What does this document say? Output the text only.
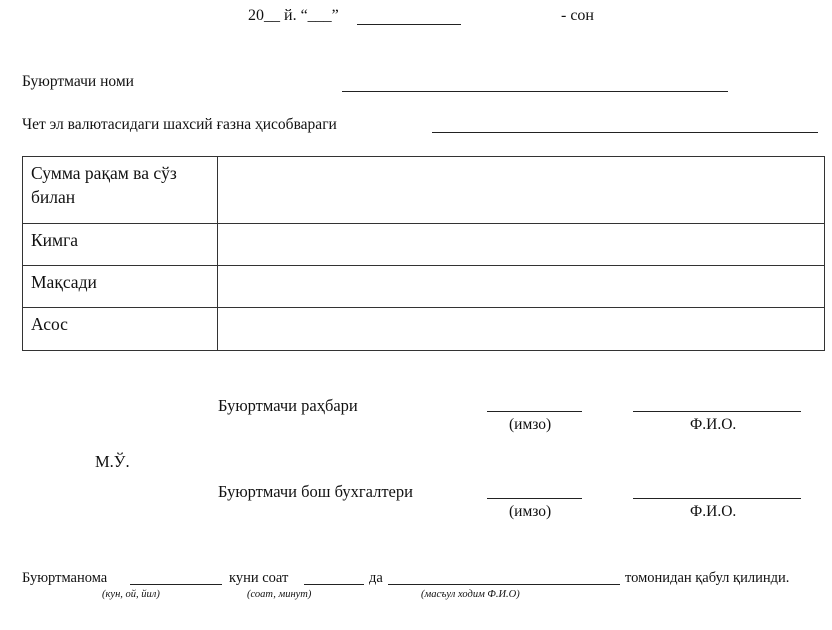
20__ й. “___”	- сон
Буюртмачи номи
Чет эл валютасидаги шахсий ғазна ҳисобвараги
Сумма рақам ва сўз билан	
Кимга	
Мақсади	
Асос	
Буюртмачи раҳбари
(имзо)	Ф.И.О.
М.Ў.
Буюртмачи бош бухгалтери
(имзо)	Ф.И.О.
Буюртманома	куни соат	да	томонидан қабул қилинди.
(кун, ой, йил)	(соат, минут)	(масъул ходим Ф.И.О)
